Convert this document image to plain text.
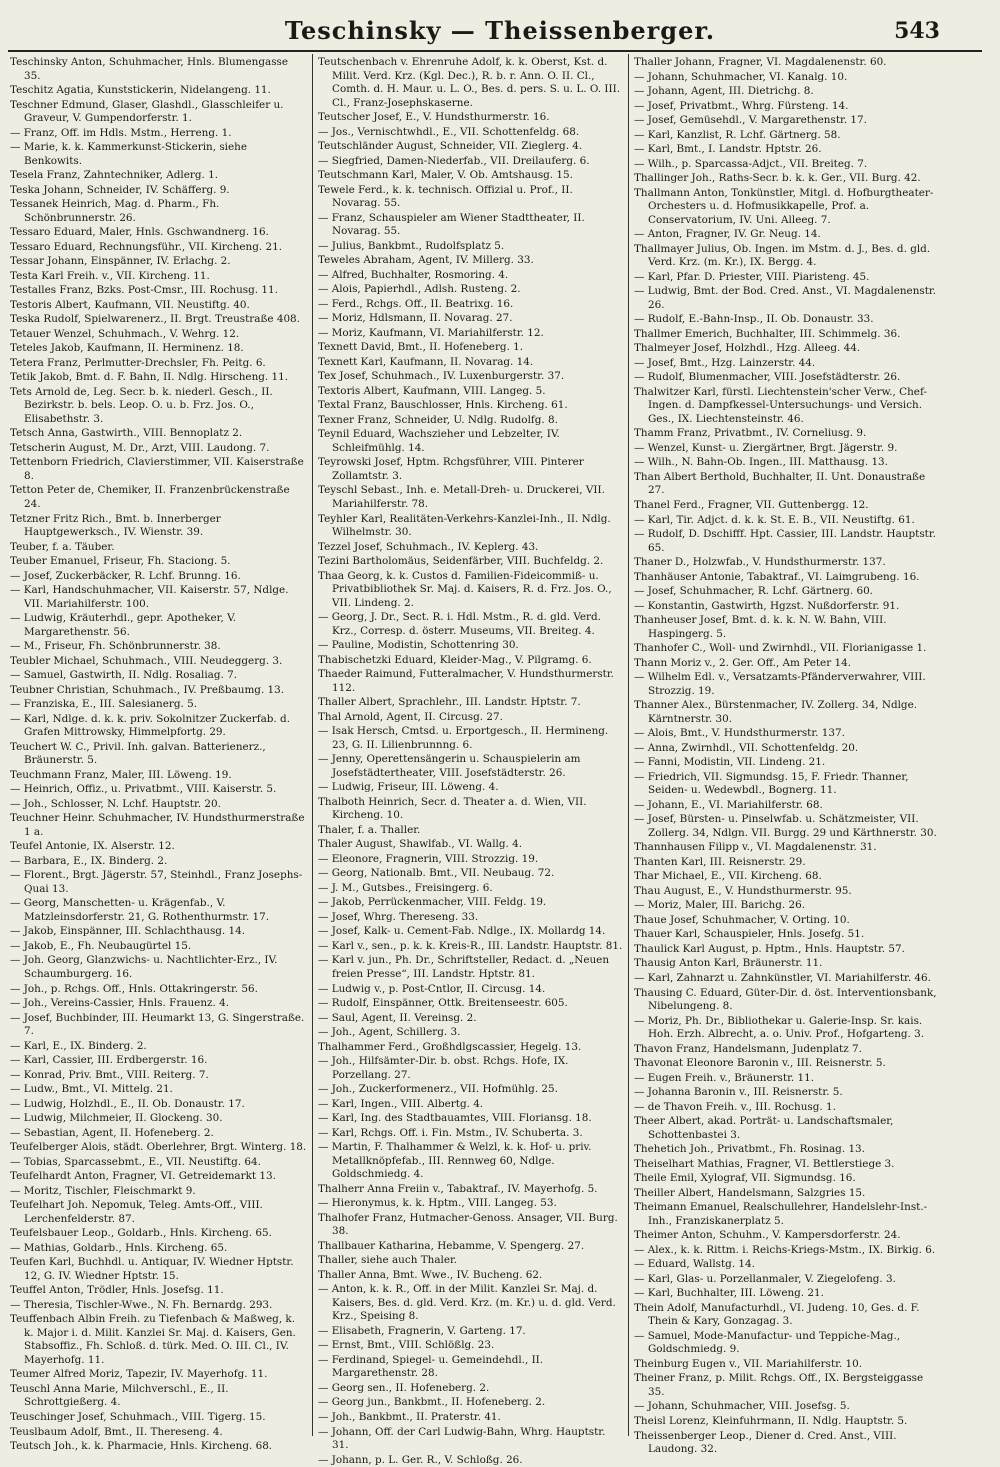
Teschinsky — Theissenberger.	543
Teschinsky Anton, Schuhmacher, Hnls. Blumengasse 35.
Teschitz Agatia, Kunststickerin, Nidelangeng. 11.
Teschner Edmund, Glaser, Glashdl., Glasschleifer u. Graveur, V. Gumpendorferstr. 1.
— Franz, Off. im Hdls. Mstm., Herreng. 1.
— Marie, k. k. Kammerkunst-Stickerin, siehe Benkowits.
Tesela Franz, Zahntechniker, Adlerg. 1.
Teska Johann, Schneider, IV. Schäfferg. 9.
Tessanek Heinrich, Mag. d. Pharm., Fh. Schönbrunnerstr. 26.
Tessaro Eduard, Maler, Hnls. Gschwandnerg. 16.
Tessaro Eduard, Rechnungsführ., VII. Kircheng. 21.
Tessar Johann, Einspänner, IV. Erlachg. 2.
Testa Karl Freih. v., VII. Kircheng. 11.
Testalles Franz, Bzks. Post-Cmsr., III. Rochusg. 11.
Testoris Albert, Kaufmann, VII. Neustiftg. 40.
Teska Rudolf, Spielwarenerz., II. Brgt. Treustraße 408.
Tetauer Wenzel, Schuhmach., V. Wehrg. 12.
Teteles Jakob, Kaufmann, II. Herminenz. 18.
Tetera Franz, Perlmutter-Drechsler, Fh. Peitg. 6.
Tetik Jakob, Bmt. d. F. Bahn, II. Ndlg. Hirscheng. 11.
Tets Arnold de, Leg. Secr. b. k. niederl. Gesch., II. Bezirkstr. b. bels. Leop. O. u. b. Frz. Jos. O., Elisabethstr. 3.
Tetsch Anna, Gastwirth., VIII. Bennoplatz 2.
Tetscherin August, M. Dr., Arzt, VIII. Laudong. 7.
Tettenborn Friedrich, Clavierstimmer, VII. Kaiserstraße 8.
Tetton Peter de, Chemiker, II. Franzenbrückenstraße 24.
Tetzner Fritz Rich., Bmt. b. Innerberger Hauptgewerksch., IV. Wienstr. 39.
Teuber, f. a. Täuber.
Teuber Emanuel, Friseur, Fh. Staciong. 5.
— Josef, Zuckerbäcker, R. Lchf. Brunng. 16.
— Karl, Handschuhmacher, VII. Kaiserstr. 57, Ndlge. VII. Mariahilferstr. 100.
— Ludwig, Kräuterhdl., gepr. Apotheker, V. Margarethenstr. 56.
— M., Friseur, Fh. Schönbrunnerstr. 38.
Teubler Michael, Schuhmach., VIII. Neudeggerg. 3.
— Samuel, Gastwirth, II. Ndlg. Rosaliag. 7.
Teubner Christian, Schuhmach., IV. Preßbaumg. 13.
— Franziska, E., III. Salesianerg. 5.
— Karl, Ndlge. d. k. k. priv. Sokolnitzer Zuckerfab. d. Grafen Mittrowsky, Himmelpfortg. 29.
Teuchert W. C., Privil. Inh. galvan. Batterienerz., Bräunerstr. 5.
Teuchmann Franz, Maler, III. Löweng. 19.
— Heinrich, Offiz., u. Privatbmt., VIII. Kaiserstr. 5.
— Joh., Schlosser, N. Lchf. Hauptstr. 20.
Teuchner Heinr. Schuhmacher, IV. Hundsthurmerstraße 1 a.
Teufel Antonie, IX. Alserstr. 12.
— Barbara, E., IX. Binderg. 2.
— Florent., Brgt. Jägerstr. 57, Steinhdl., Franz Josephs-Quai 13.
— Georg, Manschetten- u. Krägenfab., V. Matzleinsdorferstr. 21, G. Rothenthurmstr. 17.
— Jakob, Einspänner, III. Schlachthausg. 14.
— Jakob, E., Fh. Neubaugürtel 15.
— Joh. Georg, Glanzwichs- u. Nachtlichter-Erz., IV. Schaumburgerg. 16.
— Joh., p. Rchgs. Off., Hnls. Ottakringerstr. 56.
— Joh., Vereins-Cassier, Hnls. Frauenz. 4.
— Josef, Buchbinder, III. Heumarkt 13, G. Singerstraße. 7.
— Karl, E., IX. Binderg. 2.
— Karl, Cassier, III. Erdbergerstr. 16.
— Konrad, Priv. Bmt., VIII. Reiterg. 7.
— Ludw., Bmt., VI. Mittelg. 21.
— Ludwig, Holzhdl., E., II. Ob. Donaustr. 17.
— Ludwig, Milchmeier, II. Glockeng. 30.
— Sebastian, Agent, II. Hofeneberg. 2.
Teufelberger Alois, städt. Oberlehrer, Brgt. Winterg. 18.
— Tobias, Sparcassebmt., E., VII. Neustiftg. 64.
Teufelhardt Anton, Fragner, VI. Getreidemarkt 13.
— Moritz, Tischler, Fleischmarkt 9.
Teufelhart Joh. Nepomuk, Teleg. Amts-Off., VIII. Lerchenfelderstr. 87.
Teufelsbauer Leop., Goldarb., Hnls. Kircheng. 65.
— Mathias, Goldarb., Hnls. Kircheng. 65.
Teufen Karl, Buchhdl. u. Antiquar, IV. Wiedner Hptstr. 12, G. IV. Wiedner Hptstr. 15.
Teuffel Anton, Trödler, Hnls. Josefsg. 11.
— Theresia, Tischler-Wwe., N. Fh. Bernardg. 293.
Teuffenbach Albin Freih. zu Tiefenbach & Maßweg, k. k. Major i. d. Milit. Kanzlei Sr. Maj. d. Kaisers, Gen. Stabsoffiz., Fh. Schloß. d. türk. Med. O. III. Cl., IV. Mayerhofg. 11.
Teumer Alfred Moriz, Tapezir, IV. Mayerhofg. 11.
Teuschl Anna Marie, Milchverschl., E., II. Schrottgießerg. 4.
Teuschinger Josef, Schuhmach., VIII. Tigerg. 15.
Teuslbaum Adolf, Bmt., II. Thereseng. 4.
Teutsch Joh., k. k. Pharmacie, Hnls. Kircheng. 68.
Teutschenbach v. Ehrenruhe Adolf, k. k. Oberst, Kst. d. Milit. Verd. Krz. (Kgl. Dec.), R. b. r. Ann. O. II. Cl., Comth. d. H. Maur. u. L. O., Bes. d. pers. S. u. L. O. III. Cl., Franz-Josephskaserne.
Teutscher Josef, E., V. Hundsthurmerstr. 16.
— Jos., Vernischtwhdl., E., VII. Schottenfeldg. 68.
Teutschländer August, Schneider, VII. Zieglerg. 4.
— Siegfried, Damen-Niederfab., VII. Dreilauferg. 6.
Teutschmann Karl, Maler, V. Ob. Amtshausg. 15.
Tewele Ferd., k. k. technisch. Offizial u. Prof., II. Novarag. 55.
— Franz, Schauspieler am Wiener Stadttheater, II. Novarag. 55.
— Julius, Bankbmt., Rudolfsplatz 5.
Teweles Abraham, Agent, IV. Millerg. 33.
— Alfred, Buchhalter, Rosmoring. 4.
— Alois, Papierhdl., Adlsh. Rusteng. 2.
— Ferd., Rchgs. Off., II. Beatrixg. 16.
— Moriz, Hdlsmann, II. Novarag. 27.
— Moriz, Kaufmann, VI. Mariahilferstr. 12.
Texnett David, Bmt., II. Hofeneberg. 1.
Texnett Karl, Kaufmann, II. Novarag. 14.
Tex Josef, Schuhmach., IV. Luxenburgerstr. 37.
Textoris Albert, Kaufmann, VIII. Langeg. 5.
Textal Franz, Bauschlosser, Hnls. Kircheng. 61.
Texner Franz, Schneider, U. Ndlg. Rudolfg. 8.
Teynil Eduard, Wachszieher und Lebzelter, IV. Schleifmühlg. 14.
Teyrowski Josef, Hptm. Rchgsführer, VIII. Pinterer Zollamtstr. 3.
Teyschl Sebast., Inh. e. Metall-Dreh- u. Druckerei, VII. Mariahilferstr. 78.
Teyhler Karl, Realitäten-Verkehrs-Kanzlei-Inh., II. Ndlg. Wilhelmstr. 30.
Tezzel Josef, Schuhmach., IV. Keplerg. 43.
Tezini Bartholomäus, Seidenfärber, VIII. Buchfeldg. 2.
Thaa Georg, k. k. Custos d. Familien-Fideicommiß- u. Privatbibliothek Sr. Maj. d. Kaisers, R. d. Frz. Jos. O., VII. Lindeng. 2.
— Georg, J. Dr., Sect. R. i. Hdl. Mstm., R. d. gld. Verd. Krz., Corresp. d. österr. Museums, VII. Breiteg. 4.
— Pauline, Modistin, Schottenring 30.
Thabischetzki Eduard, Kleider-Mag., V. Pilgramg. 6.
Thaeder Raimund, Futteralmacher, V. Hundsthurmerstr. 112.
Thaller Albert, Sprachlehr., III. Landstr. Hptstr. 7.
Thal Arnold, Agent, II. Circusg. 27.
— Isak Hersch, Cmtsd. u. Erportgesch., II. Hermineng. 23, G. II. Lilienbrunnng. 6.
— Jenny, Operettensängerin u. Schauspielerin am Josefstädtertheater, VIII. Josefstädterstr. 26.
— Ludwig, Friseur, III. Löweng. 4.
Thalboth Heinrich, Secr. d. Theater a. d. Wien, VII. Kircheng. 10.
Thaler, f. a. Thaller.
Thaler August, Shawlfab., VI. Wallg. 4.
— Eleonore, Fragnerin, VIII. Strozzig. 19.
— Georg, Nationalb. Bmt., VII. Neubaug. 72.
— J. M., Gutsbes., Freisingerg. 6.
— Jakob, Perrückenmacher, VIII. Feldg. 19.
— Josef, Whrg. Thereseng. 33.
— Josef, Kalk- u. Cement-Fab. Ndlge., IX. Mollardg 14.
— Karl v., sen., p. k. k. Kreis-R., III. Landstr. Hauptstr. 81.
— Karl v. jun., Ph. Dr., Schriftsteller, Redact. d. „Neuen freien Presse“, III. Landstr. Hptstr. 81.
— Ludwig v., p. Post-Cntlor, II. Circusg. 14.
— Rudolf, Einspänner, Ottk. Breitenseestr. 605.
— Saul, Agent, II. Vereinsg. 2.
— Joh., Agent, Schillerg. 3.
Thalhammer Ferd., Großhdlgscassier, Hegelg. 13.
— Joh., Hilfsämter-Dir. b. obst. Rchgs. Hofe, IX. Porzellang. 27.
— Joh., Zuckerformenerz., VII. Hofmühlg. 25.
— Karl, Ingen., VIII. Albertg. 4.
— Karl, Ing. des Stadtbauamtes, VIII. Floriansg. 18.
— Karl, Rchgs. Off. i. Fin. Mstm., IV. Schuberta. 3.
— Martin, F. Thalhammer & Welzl, k. k. Hof- u. priv. Metallknöpfefab., III. Rennweg 60, Ndlge. Goldschmiedg. 4.
Thalherr Anna Freiin v., Tabaktraf., IV. Mayerhofg. 5.
— Hieronymus, k. k. Hptm., VIII. Langeg. 53.
Thalhofer Franz, Hutmacher-Genoss. Ansager, VII. Burg. 38.
Thallbauer Katharina, Hebamme, V. Spengerg. 27.
Thaller, siehe auch Thaler.
Thaller Anna, Bmt. Wwe., IV. Bucheng. 62.
— Anton, k. k. R., Off. in der Milit. Kanzlei Sr. Maj. d. Kaisers, Bes. d. gld. Verd. Krz. (m. Kr.) u. d. gld. Verd. Krz., Speising 8.
— Elisabeth, Fragnerin, V. Garteng. 17.
— Ernst, Bmt., VIII. Schlößlg. 23.
— Ferdinand, Spiegel- u. Gemeindehdl., II. Margarethenstr. 28.
— Georg sen., II. Hofeneberg. 2.
— Georg jun., Bankbmt., II. Hofeneberg. 2.
— Joh., Bankbmt., II. Praterstr. 41.
— Johann, Off. der Carl Ludwig-Bahn, Whrg. Hauptstr. 31.
— Johann, p. L. Ger. R., V. Schloßg. 26.
Thaller Johann, Fragner, VI. Magdalenenstr. 60.
— Johann, Schuhmacher, VI. Kanalg. 10.
— Johann, Agent, III. Dietrichg. 8.
— Josef, Privatbmt., Whrg. Fürsteng. 14.
— Josef, Gemüsehdl., V. Margarethenstr. 17.
— Karl, Kanzlist, R. Lchf. Gärtnerg. 58.
— Karl, Bmt., I. Landstr. Hptstr. 26.
— Wilh., p. Sparcassa-Adjct., VII. Breiteg. 7.
Thallinger Joh., Raths-Secr. b. k. k. Ger., VII. Burg. 42.
Thallmann Anton, Tonkünstler, Mitgl. d. Hofburgtheater-Orchesters u. d. Hofmusikkapelle, Prof. a. Conservatorium, IV. Uni. Alleeg. 7.
— Anton, Fragner, IV. Gr. Neug. 14.
Thallmayer Julius, Ob. Ingen. im Mstm. d. J., Bes. d. gld. Verd. Krz. (m. Kr.), IX. Bergg. 4.
— Karl, Pfar. D. Priester, VIII. Piaristeng. 45.
— Ludwig, Bmt. der Bod. Cred. Anst., VI. Magdalenenstr. 26.
— Rudolf, E.-Bahn-Insp., II. Ob. Donaustr. 33.
Thallmer Emerich, Buchhalter, III. Schimmelg. 36.
Thalmeyer Josef, Holzhdl., Hzg. Alleeg. 44.
— Josef, Bmt., Hzg. Lainzerstr. 44.
— Rudolf, Blumenmacher, VIII. Josefstädterstr. 26.
Thalwitzer Karl, fürstl. Liechtenstein'scher Verw., Chef-Ingen. d. Dampfkessel-Untersuchungs- und Versich. Ges., IX. Liechtensteinstr. 46.
Thamm Franz, Privatbmt., IV. Corneliusg. 9.
— Wenzel, Kunst- u. Ziergärtner, Brgt. Jägerstr. 9.
— Wilh., N. Bahn-Ob. Ingen., III. Matthausg. 13.
Than Albert Berthold, Buchhalter, II. Unt. Donaustraße 27.
Thanel Ferd., Fragner, VII. Guttenbergg. 12.
— Karl, Tir. Adjct. d. k. k. St. E. B., VII. Neustiftg. 61.
— Rudolf, D. Dschifff. Hpt. Cassier, III. Landstr. Hauptstr. 65.
Thaner D., Holzwfab., V. Hundsthurmerstr. 137.
Thanhäuser Antonie, Tabaktraf., VI. Laimgrubeng. 16.
— Josef, Schuhmacher, R. Lchf. Gärtnerg. 60.
— Konstantin, Gastwirth, Hgzst. Nußdorferstr. 91.
Thanheuser Josef, Bmt. d. k. k. N. W. Bahn, VIII. Haspingerg. 5.
Thanhofer C., Woll- und Zwirnhdl., VII. Florianigasse 1.
Thann Moriz v., 2. Ger. Off., Am Peter 14.
— Wilhelm Edl. v., Versatzamts-Pfänderverwahrer, VIII. Strozzig. 19.
Thanner Alex., Bürstenmacher, IV. Zollerg. 34, Ndlge. Kärntnerstr. 30.
— Alois, Bmt., V. Hundsthurmerstr. 137.
— Anna, Zwirnhdl., VII. Schottenfeldg. 20.
— Fanni, Modistin, VII. Lindeng. 21.
— Friedrich, VII. Sigmundsg. 15, F. Friedr. Thanner, Seiden- u. Wedewbdl., Bognerg. 11.
— Johann, E., VI. Mariahilferstr. 68.
— Josef, Bürsten- u. Pinselwfab. u. Schätzmeister, VII. Zollerg. 34, Ndlgn. VII. Burgg. 29 und Kärthnerstr. 30.
Thannhausen Filipp v., VI. Magdalenenstr. 31.
Thanten Karl, III. Reisnerstr. 29.
Thar Michael, E., VII. Kircheng. 68.
Thau August, E., V. Hundsthurmerstr. 95.
— Moriz, Maler, III. Barichg. 26.
Thaue Josef, Schuhmacher, V. Orting. 10.
Thauer Karl, Schauspieler, Hnls. Josefg. 51.
Thaulick Karl August, p. Hptm., Hnls. Hauptstr. 57.
Thausig Anton Karl, Bräunerstr. 11.
— Karl, Zahnarzt u. Zahnkünstler, VI. Mariahilferstr. 46.
Thausing C. Eduard, Güter-Dir. d. öst. Interventionsbank, Nibelungeng. 8.
— Moriz, Ph. Dr., Bibliothekar u. Galerie-Insp. Sr. kais. Hoh. Erzh. Albrecht, a. o. Univ. Prof., Hofgarteng. 3.
Thavon Franz, Handelsmann, Judenplatz 7.
Thavonat Eleonore Baronin v., III. Reisnerstr. 5.
— Eugen Freih. v., Bräunerstr. 11.
— Johanna Baronin v., III. Reisnerstr. 5.
— de Thavon Freih. v., III. Rochusg. 1.
Theer Albert, akad. Porträt- u. Landschaftsmaler, Schottenbastei 3.
Thehetich Joh., Privatbmt., Fh. Rosinag. 13.
Theiselhart Mathias, Fragner, VI. Bettlerstiege 3.
Theile Emil, Xylograf, VII. Sigmundsg. 16.
Theiller Albert, Handelsmann, Salzgries 15.
Theimann Emanuel, Realschullehrer, Handelslehr-Inst.-Inh., Franziskanerplatz 5.
Theimer Anton, Schuhm., V. Kampersdorferstr. 24.
— Alex., k. k. Rittm. i. Reichs-Kriegs-Mstm., IX. Birkig. 6.
— Eduard, Wallstg. 14.
— Karl, Glas- u. Porzellanmaler, V. Ziegelofeng. 3.
— Karl, Buchhalter, III. Löweng. 21.
Thein Adolf, Manufacturhdl., VI. Judeng. 10, Ges. d. F. Thein & Kary, Gonzagag. 3.
— Samuel, Mode-Manufactur- und Teppiche-Mag., Goldschmiedg. 9.
Theinburg Eugen v., VII. Mariahilferstr. 10.
Theiner Franz, p. Milit. Rchgs. Off., IX. Bergsteiggasse 35.
— Johann, Schuhmacher, VIII. Josefsg. 5.
Theisl Lorenz, Kleinfuhrmann, II. Ndlg. Hauptstr. 5.
Theissenberger Leop., Diener d. Cred. Anst., VIII. Laudong. 32.
